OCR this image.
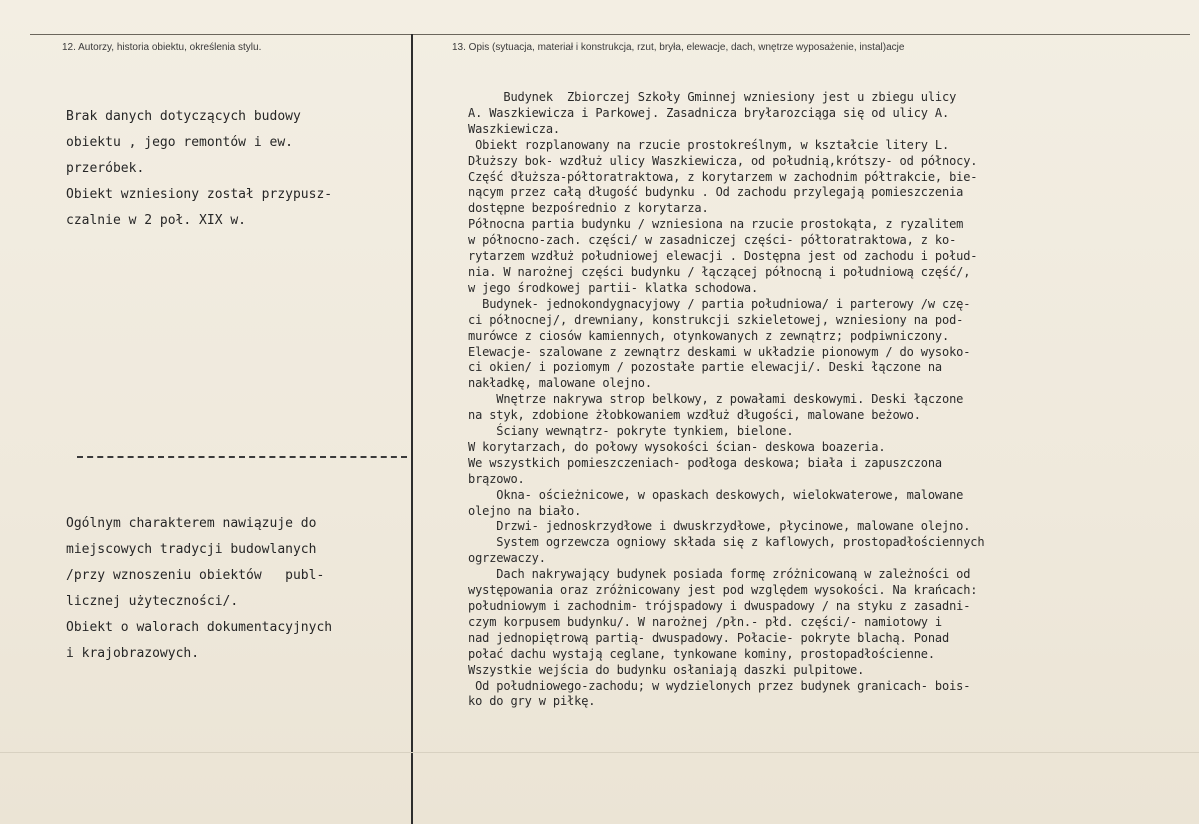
12. Autorzy, historia obiektu, określenia stylu.	13. Opis (sytuacja, materiał i konstrukcja, rzut, bryła, elewacje, dach, wnętrze wyposażenie, instal)acje

Brak danych dotyczących budowy

obiektu , jego remontów i ew.

przeróbek.

Obiekt wzniesiony został przypusz-

czalnie w 2 poł. XIX w.

Ogólnym charakterem nawiązuje do

miejscowych tradycji budowlanych

/przy wznoszeniu obiektów   publ-

licznej użyteczności/.

Obiekt o walorach dokumentacyjnych

i krajobrazowych.

Budynek  Zbiorczej Szkoły Gminnej wzniesiony jest u zbiegu ulicy

A. Waszkiewicza i Parkowej. Zasadnicza bryłarozciąga się od ulicy A.

Waszkiewicza.

Obiekt rozplanowany na rzucie prostokreślnym, w kształcie litery L.

Dłuższy bok- wzdłuż ulicy Waszkiewicza, od południą,krótszy- od północy.

Część dłuższa-półtoratraktowa, z korytarzem w zachodnim półtrakcie, bie-

nącym przez całą długość budynku . Od zachodu przylegają pomieszczenia

dostępne bezpośrednio z korytarza.

Północna partia budynku / wzniesiona na rzucie prostokąta, z ryzalitem

w północno-zach. części/ w zasadniczej części- półtoratraktowa, z ko-

rytarzem wzdłuż południowej elewacji . Dostępna jest od zachodu i połud-

nia. W narożnej części budynku / łączącej północną i południową część/,

w jego środkowej partii- klatka schodowa.

Budynek- jednokondygnacyjowy / partia południowa/ i parterowy /w czę-

ci północnej/, drewniany, konstrukcji szkieletowej, wzniesiony na pod-

murówce z ciosów kamiennych, otynkowanych z zewnątrz; podpiwniczony.

Elewacje- szalowane z zewnątrz deskami w układzie pionowym / do wysoko-

ci okien/ i poziomym / pozostałe partie elewacji/. Deski łączone na

nakładkę, malowane olejno.

Wnętrze nakrywa strop belkowy, z powałami deskowymi. Deski łączone

na styk, zdobione żłobkowaniem wzdłuż długości, malowane beżowo.

Ściany wewnątrz- pokryte tynkiem, bielone.

W korytarzach, do połowy wysokości ścian- deskowa boazeria.

We wszystkich pomieszczeniach- podłoga deskowa; biała i zapuszczona

brązowo.

Okna- ościeżnicowe, w opaskach deskowych, wielokwaterowe, malowane

olejno na biało.

Drzwi- jednoskrzydłowe i dwuskrzydłowe, płycinowe, malowane olejno.

System ogrzewcza ogniowy składa się z kaflowych, prostopadłościennych

ogrzewaczy.

Dach nakrywający budynek posiada formę zróżnicowaną w zależności od

występowania oraz zróżnicowany jest pod względem wysokości. Na krańcach:

południowym i zachodnim- trójspadowy i dwuspadowy / na styku z zasadni-

czym korpusem budynku/. W narożnej /płn.- płd. części/- namiotowy i

nad jednopiętrową partią- dwuspadowy. Połacie- pokryte blachą. Ponad

połać dachu wystają ceglane, tynkowane kominy, prostopadłościenne.

Wszystkie wejścia do budynku osłaniają daszki pulpitowe.

Od południowego-zachodu; w wydzielonych przez budynek granicach- bois-

ko do gry w piłkę.
